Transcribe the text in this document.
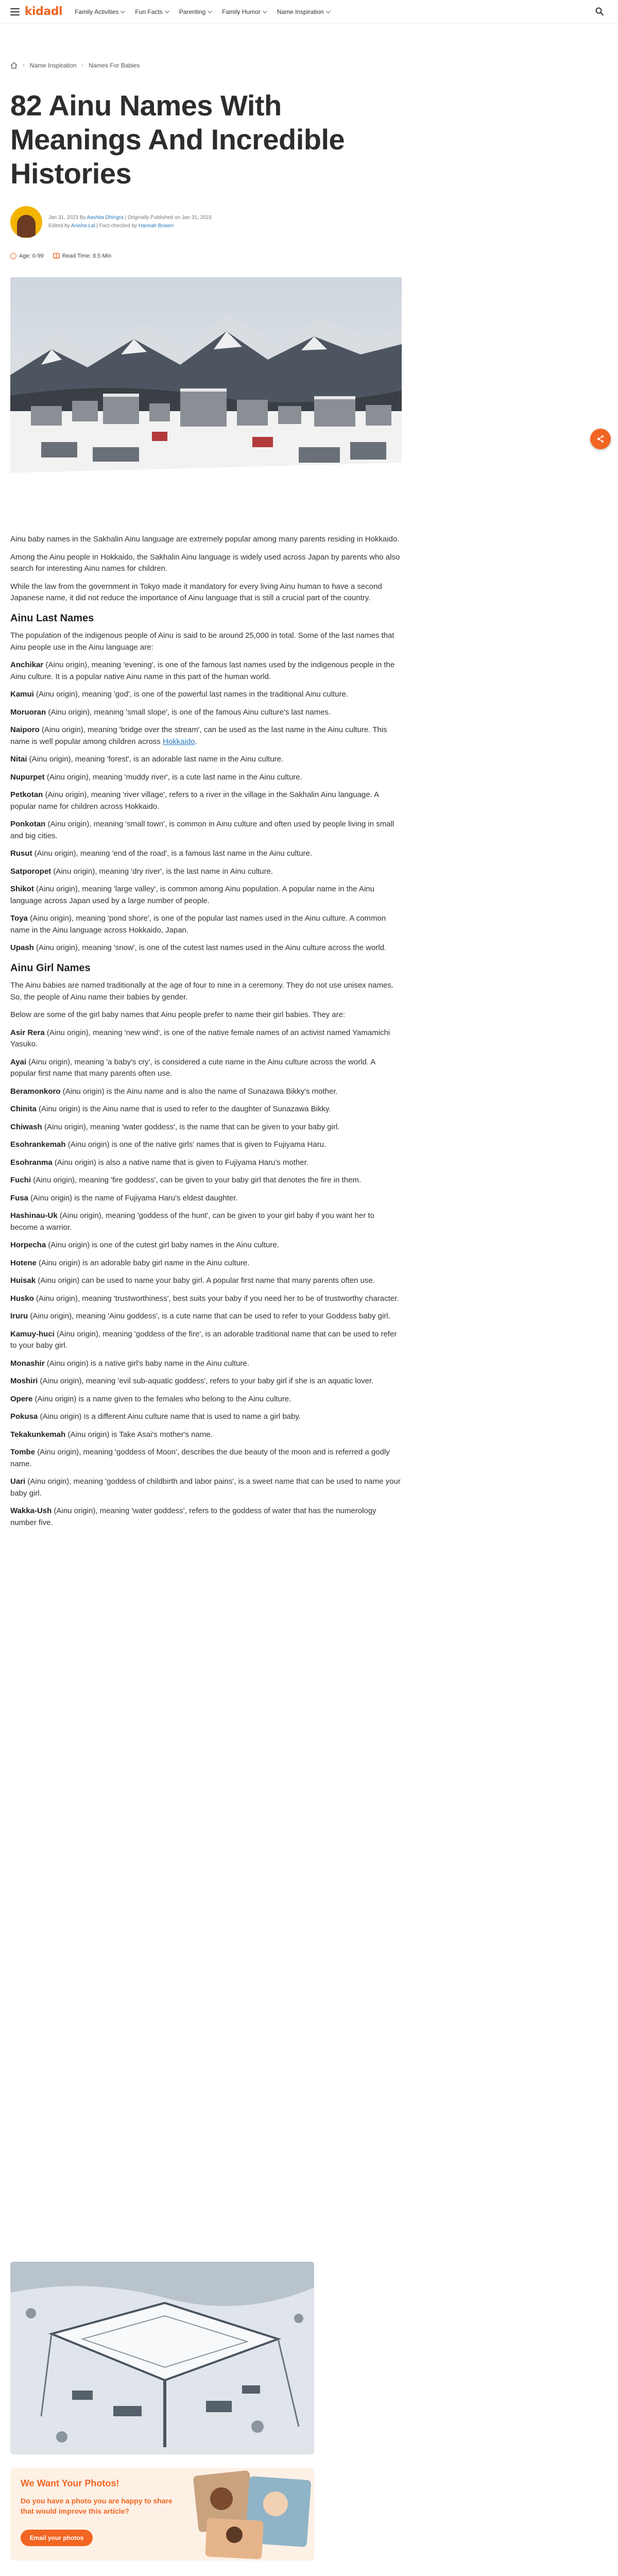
kidadl Family Activities	Fun Facts	Parenting	Family Humor	Name Inspiration
› Name Inspiration › Names For Babies
82 Ainu Names With Meanings And Incredible Histories
Jan 31, 2023 By Aashita Dhingra | Originally Published on Jan 31, 2023
Edited by Anisha Lal | Fact-checked by Hannah Bowen
Age: 0-99	Read Time: 8.5 Min

Ainu baby names in the Sakhalin Ainu language are extremely popular among many parents residing in Hokkaido.

Among the Ainu people in Hokkaido, the Sakhalin Ainu language is widely used across Japan by parents who also search for interesting Ainu names for children.

While the law from the government in Tokyo made it mandatory for every living Ainu human to have a second Japanese name, it did not reduce the importance of Ainu language that is still a crucial part of the country.

Ainu Last Names

The population of the indigenous people of Ainu is said to be around 25,000 in total. Some of the last names that Ainu people use in the Ainu language are:

Anchikar (Ainu origin), meaning 'evening', is one of the famous last names used by the indigenous people in the Ainu culture. It is a popular native Ainu name in this part of the human world.

Kamui (Ainu origin), meaning 'god', is one of the powerful last names in the traditional Ainu culture.

Moruoran (Ainu origin), meaning 'small slope', is one of the famous Ainu culture's last names.

Naiporo (Ainu origin), meaning 'bridge over the stream', can be used as the last name in the Ainu culture. This name is well popular among children across Hokkaido.

Nitai (Ainu origin), meaning 'forest', is an adorable last name in the Ainu culture.

Nupurpet (Ainu origin), meaning 'muddy river', is a cute last name in the Ainu culture.

Petkotan (Ainu origin), meaning 'river village', refers to a river in the village in the Sakhalin Ainu language. A popular name for children across Hokkaido.

Ponkotan (Ainu origin), meaning 'small town', is common in Ainu culture and often used by people living in small and big cities.

Rusut (Ainu origin), meaning 'end of the road', is a famous last name in the Ainu culture.

Satporopet (Ainu origin), meaning 'dry river', is the last name in Ainu culture.

Shikot (Ainu origin), meaning 'large valley', is common among Ainu population. A popular name in the Ainu language across Japan used by a large number of people.

Toya (Ainu origin), meaning 'pond shore', is one of the popular last names used in the Ainu culture. A common name in the Ainu language across Hokkaido, Japan.

Upash (Ainu origin), meaning 'snow', is one of the cutest last names used in the Ainu culture across the world.

Ainu Girl Names

The Ainu babies are named traditionally at the age of four to nine in a ceremony. They do not use unisex names. So, the people of Ainu name their babies by gender.

Below are some of the girl baby names that Ainu people prefer to name their girl babies. They are:

Asir Rera (Ainu origin), meaning 'new wind', is one of the native female names of an activist named Yamamichi Yasuko.

Ayai (Ainu origin), meaning 'a baby's cry', is considered a cute name in the Ainu culture across the world. A popular first name that many parents often use.

Beramonkoro (Ainu origin) is the Ainu name and is also the name of Sunazawa Bikky's mother.

Chinita (Ainu origin) is the Ainu name that is used to refer to the daughter of Sunazawa Bikky.

Chiwash (Ainu origin), meaning 'water goddess', is the name that can be given to your baby girl.

Esohrankemah (Ainu origin) is one of the native girls' names that is given to Fujiyama Haru.

Esohranma (Ainu origin) is also a native name that is given to Fujiyama Haru's mother.

Fuchi (Ainu origin), meaning 'fire goddess', can be given to your baby girl that denotes the fire in them.

Fusa (Ainu origin) is the name of Fujiyama Haru's eldest daughter.

Hashinau-Uk (Ainu origin), meaning 'goddess of the hunt', can be given to your girl baby if you want her to become a warrior.

Horpecha (Ainu origin) is one of the cutest girl baby names in the Ainu culture.

Hotene (Ainu origin) is an adorable baby girl name in the Ainu culture.

Huisak (Ainu origin) can be used to name your baby girl. A popular first name that many parents often use.

Husko (Ainu origin), meaning 'trustworthiness', best suits your baby if you need her to be of trustworthy character.

Iruru (Ainu origin), meaning 'Ainu goddess', is a cute name that can be used to refer to your Goddess baby girl.

Kamuy-huci (Ainu origin), meaning 'goddess of the fire', is an adorable traditional name that can be used to refer to your baby girl.

Monashir (Ainu origin) is a native girl's baby name in the Ainu culture.

Moshiri (Ainu origin), meaning 'evil sub-aquatic goddess', refers to your baby girl if she is an aquatic lover.

Opere (Ainu origin) is a name given to the females who belong to the Ainu culture.

Pokusa (Ainu origin) is a different Ainu culture name that is used to name a girl baby.

Tekakunkemah (Ainu origin) is Take Asai's mother's name.

Tombe (Ainu origin), meaning 'goddess of Moon', describes the due beauty of the moon and is referred a godly name.

Uari (Ainu origin), meaning 'goddess of childbirth and labor pains', is a sweet name that can be used to name your baby girl.

Wakka-Ush (Ainu origin), meaning 'water goddess', refers to the goddess of water that has the numerology number five.

We Want Your Photos!
Do you have a photo you are happy to share that would improve this article?
Email your photos
